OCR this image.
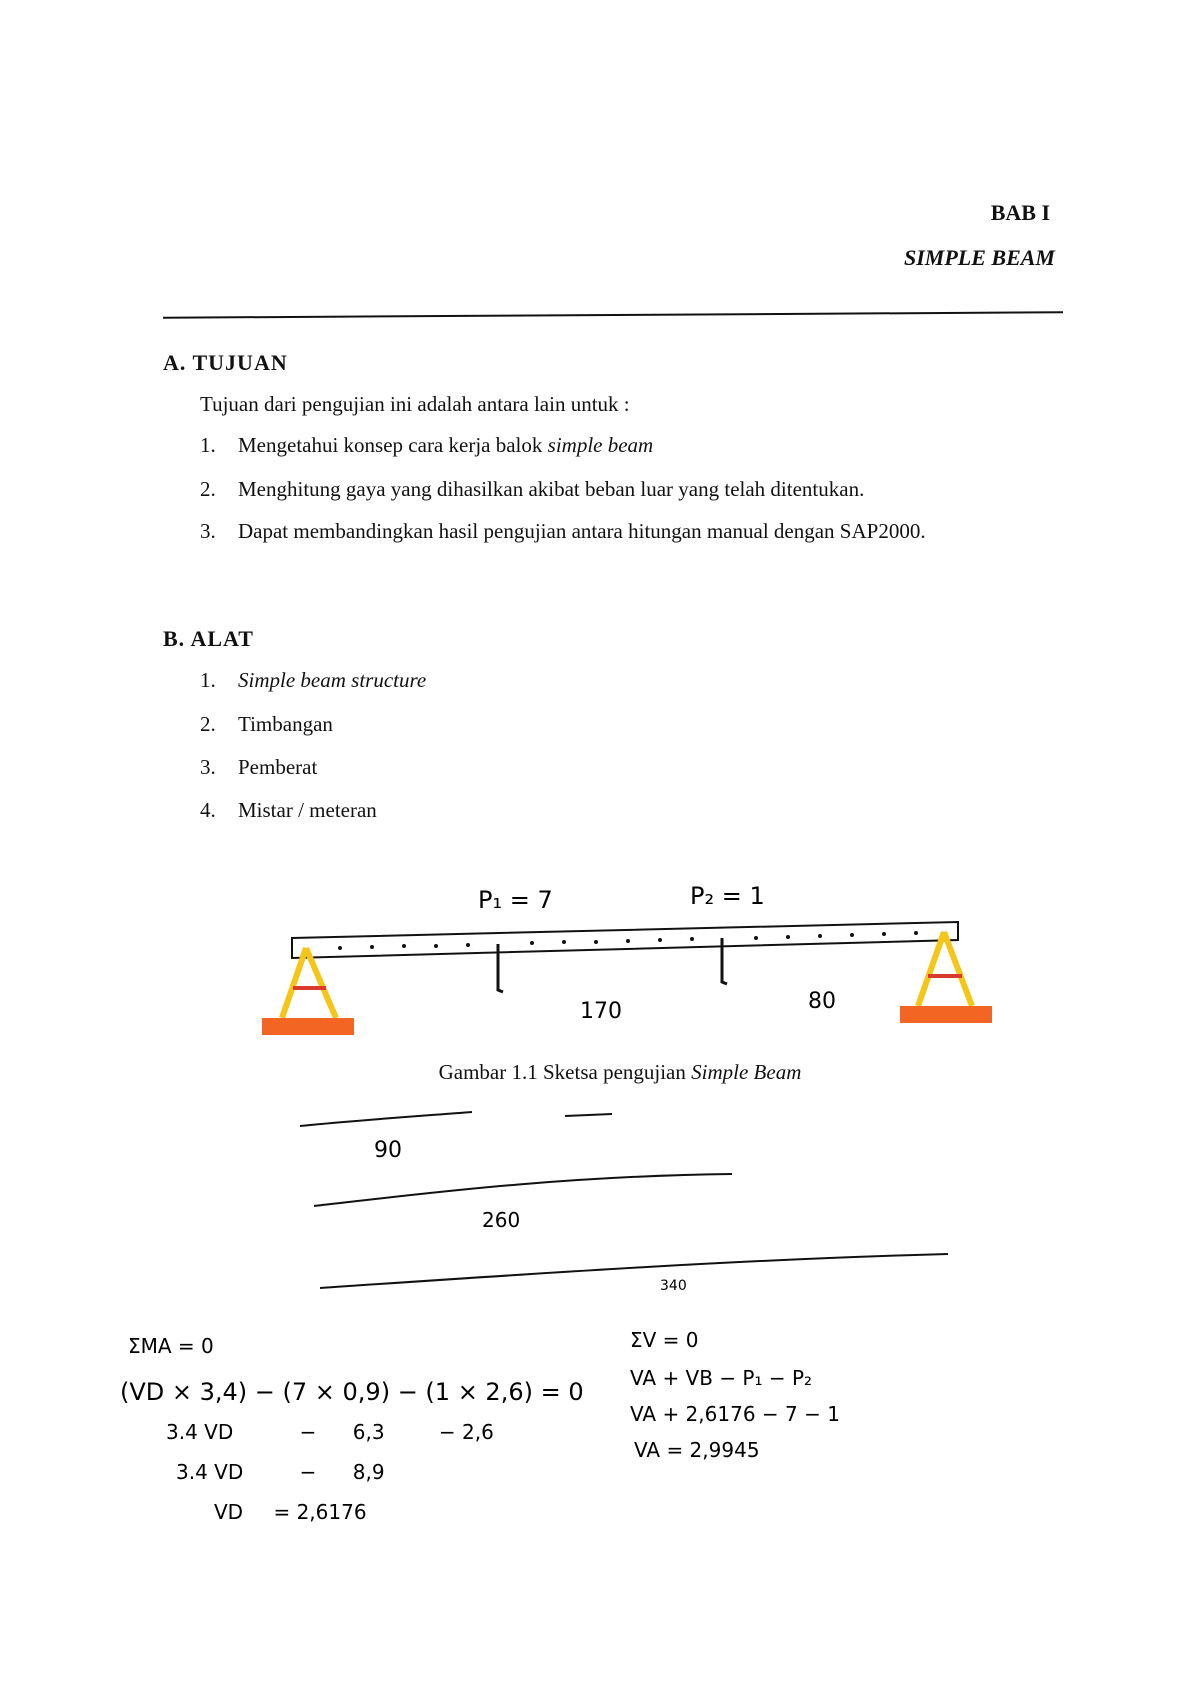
BAB I
SIMPLE BEAM
A. TUJUAN
Tujuan dari pengujian ini adalah antara lain untuk :
1.	Mengetahui konsep cara kerja balok simple beam
2.	Menghitung gaya yang dihasilkan akibat beban luar yang telah ditentukan.
3.	Dapat membandingkan hasil pengujian antara hitungan manual dengan SAP2000.
B. ALAT
1.	Simple beam structure
2.	Timbangan
3.	Pemberat
4.	Mistar / meteran
P₁ = 7	P₂ = 1
170	80
Gambar 1.1 Sketsa pengujian Simple Beam
90
260
340
ΣMA = 0
(VD × 3,4) − (7 × 0,9) − (1 × 2,6) = 0
3.4 VD	− 6,3	− 2,6
3.4 VD	− 8,9
VD = 2,6176
ΣV = 0
VA + VB − P₁ − P₂
VA + 2,6176 − 7 − 1
VA = 2,9945
